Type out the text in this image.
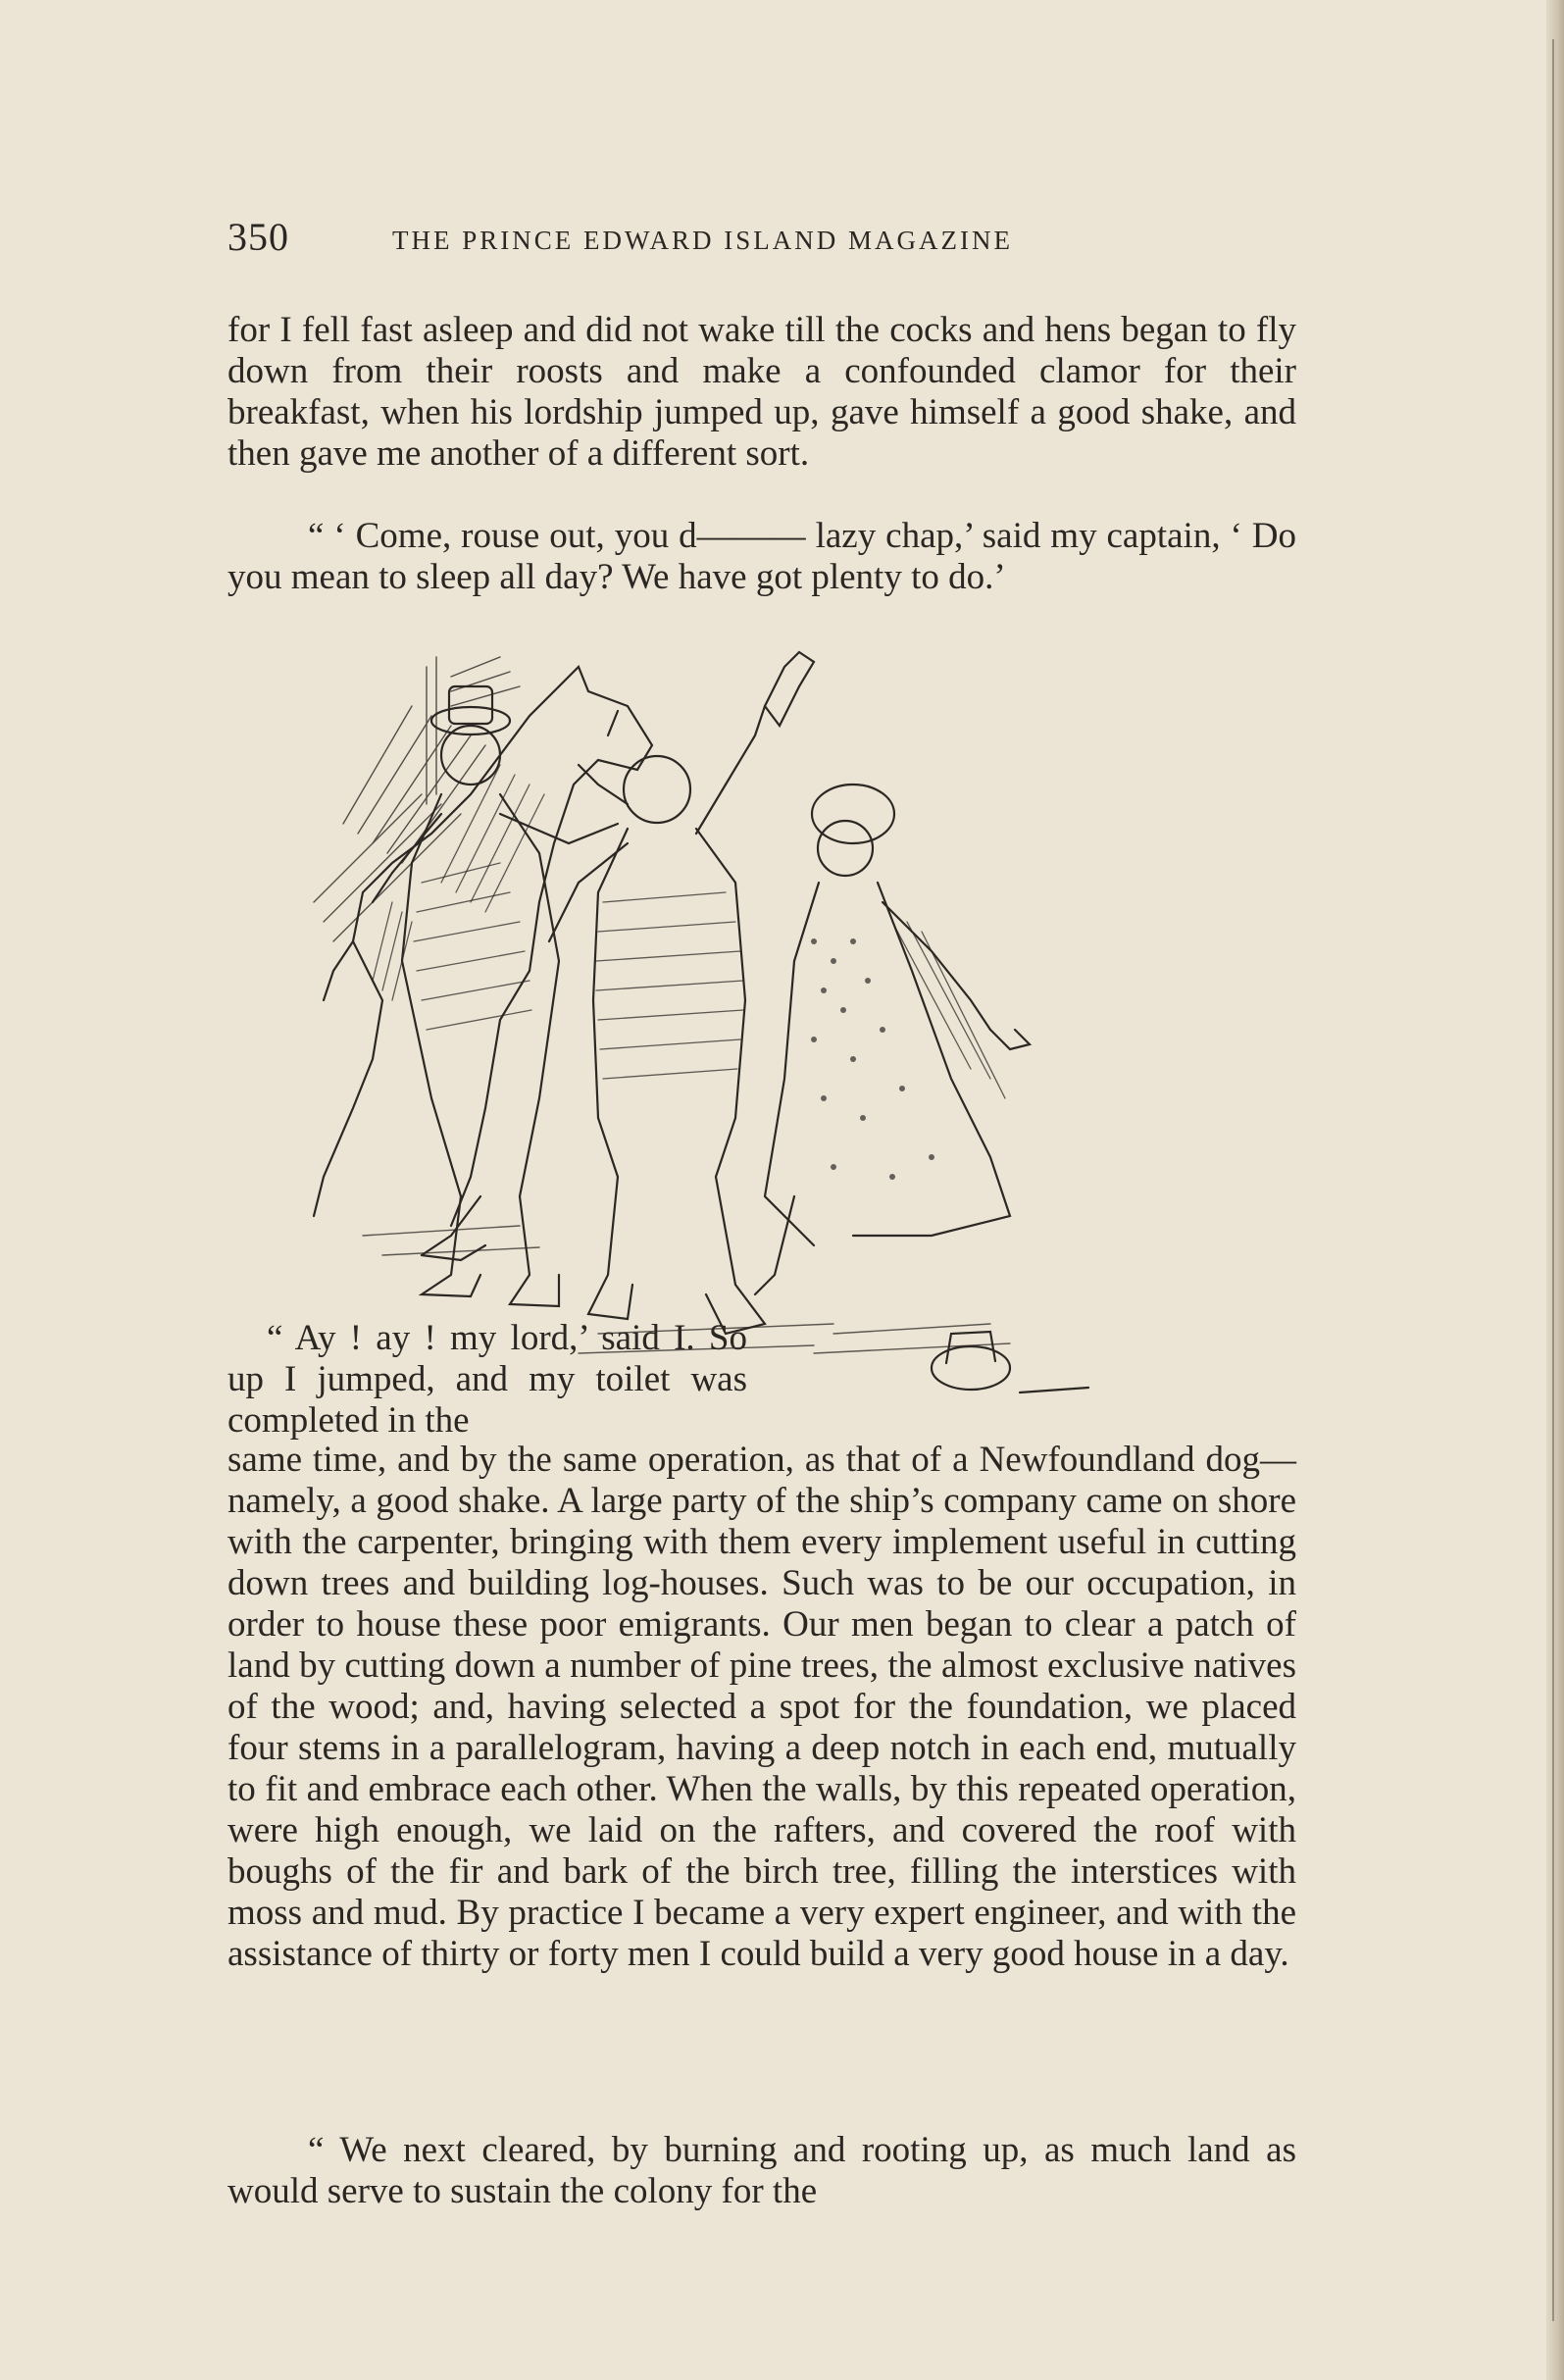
350	THE PRINCE EDWARD ISLAND MAGAZINE

for I fell fast asleep and did not wake till the cocks and hens began to fly down from their roosts and make a confounded clamor for their breakfast, when his lordship jumped up, gave himself a good shake, and then gave me another of a different sort.

“ ‘ Come, rouse out, you d——— lazy chap,’ said my captain, ‘ Do you mean to sleep all day? We have got plenty to do.’

“ Ay ! ay ! my lord,’ said I. So up I jumped, and my toilet was completed in the

same time, and by the same operation, as that of a Newfoundland dog—namely, a good shake. A large party of the ship’s company came on shore with the carpenter, bringing with them every implement useful in cutting down trees and building log-houses. Such was to be our occupation, in order to house these poor emigrants. Our men began to clear a patch of land by cutting down a number of pine trees, the almost exclusive natives of the wood; and, having selected a spot for the foundation, we placed four stems in a parallelogram, having a deep notch in each end, mutually to fit and embrace each other. When the walls, by this repeated operation, were high enough, we laid on the rafters, and covered the roof with boughs of the fir and bark of the birch tree, filling the interstices with moss and mud. By practice I became a very expert engineer, and with the assistance of thirty or forty men I could build a very good house in a day.

“ We next cleared, by burning and rooting up, as much land as would serve to sustain the colony for the
